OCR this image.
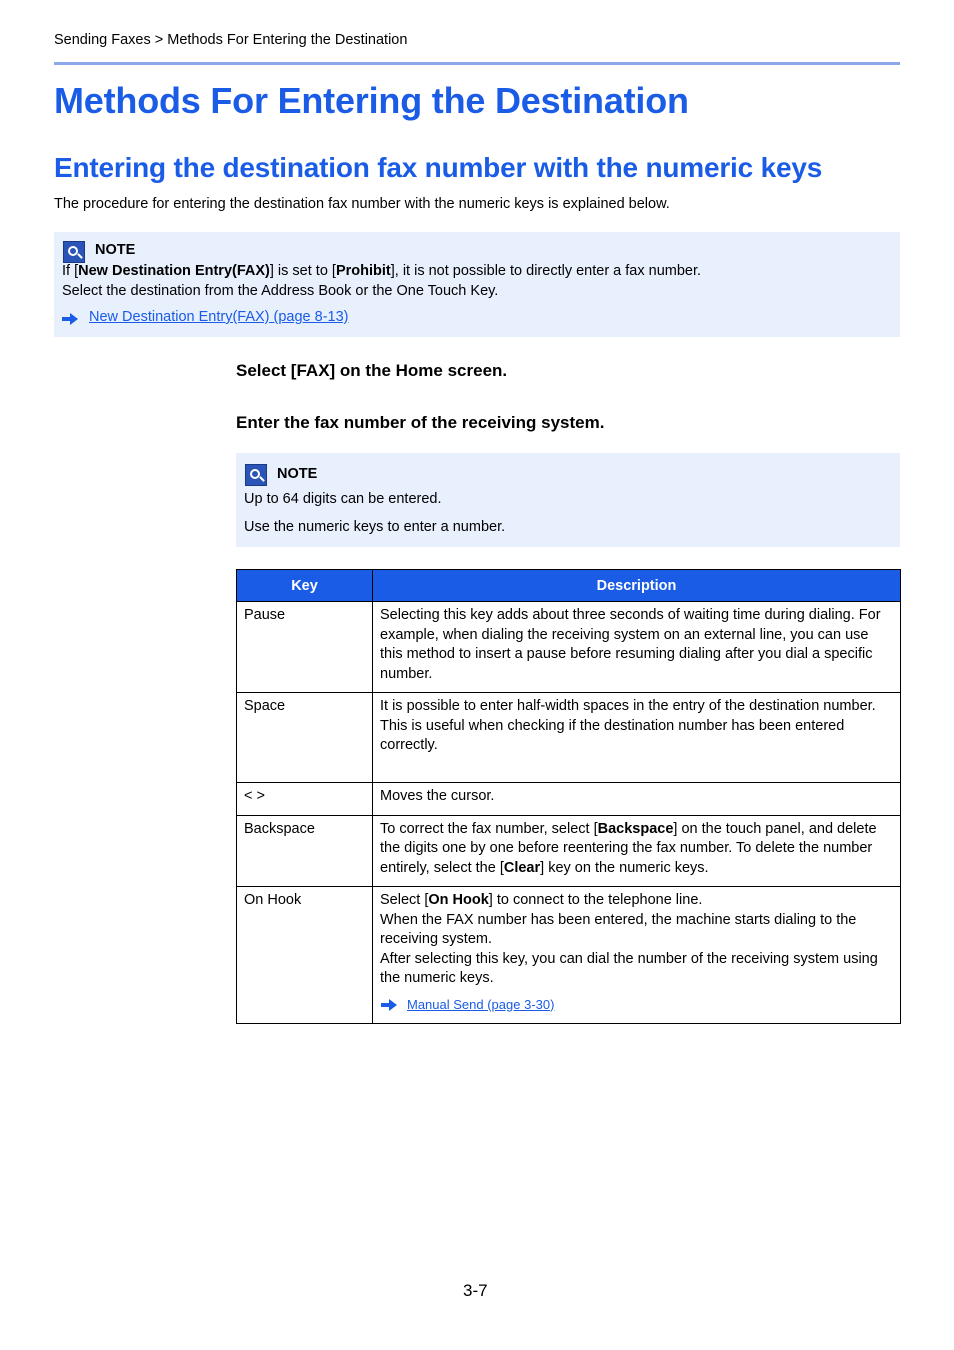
Sending Faxes > Methods For Entering the Destination
Methods For Entering the Destination
Entering the destination fax number with the numeric keys
The procedure for entering the destination fax number with the numeric keys is explained below.
NOTE
If [New Destination Entry(FAX)] is set to [Prohibit], it is not possible to directly enter a fax number.
Select the destination from the Address Book or the One Touch Key.
New Destination Entry(FAX) (page 8-13)
Select [FAX] on the Home screen.
Enter the fax number of the receiving system.
NOTE
Up to 64 digits can be entered.
Use the numeric keys to enter a number.
Key	Description
Pause	Selecting this key adds about three seconds of waiting time during dialing. For example, when dialing the receiving system on an external line, you can use this method to insert a pause before resuming dialing after you dial a specific number.
Space	It is possible to enter half-width spaces in the entry of the destination number.
This is useful when checking if the destination number has been entered correctly.

< >	Moves the cursor.
Backspace	To correct the fax number, select [Backspace] on the touch panel, and delete the digits one by one before reentering the fax number. To delete the number entirely, select the [Clear] key on the numeric keys.
On Hook	Select [On Hook] to connect to the telephone line.
When the FAX number has been entered, the machine starts dialing to the receiving system.
After selecting this key, you can dial the number of the receiving system using the numeric keys.
Manual Send (page 3-30)
3-7
